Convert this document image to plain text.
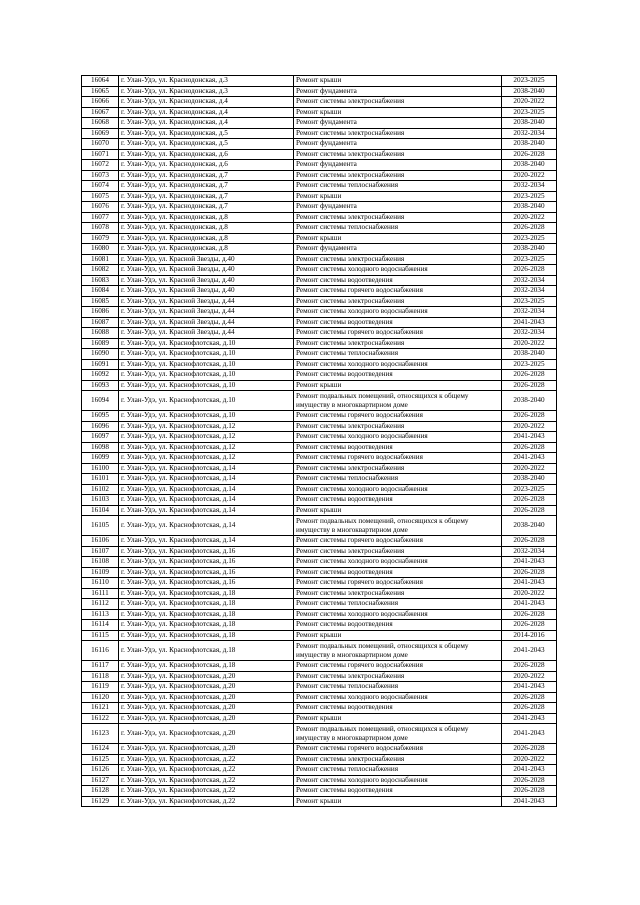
16064	г. Улан-Удэ, ул. Краснодонская, д.3	Ремонт крыши	2023-2025
16065	г. Улан-Удэ, ул. Краснодонская, д.3	Ремонт фундамента	2038-2040
16066	г. Улан-Удэ, ул. Краснодонская, д.4	Ремонт системы электроснабжения	2020-2022
16067	г. Улан-Удэ, ул. Краснодонская, д.4	Ремонт крыши	2023-2025
16068	г. Улан-Удэ, ул. Краснодонская, д.4	Ремонт фундамента	2038-2040
16069	г. Улан-Удэ, ул. Краснодонская, д.5	Ремонт системы электроснабжения	2032-2034
16070	г. Улан-Удэ, ул. Краснодонская, д.5	Ремонт фундамента	2038-2040
16071	г. Улан-Удэ, ул. Краснодонская, д.6	Ремонт системы электроснабжения	2026-2028
16072	г. Улан-Удэ, ул. Краснодонская, д.6	Ремонт фундамента	2038-2040
16073	г. Улан-Удэ, ул. Краснодонская, д.7	Ремонт системы электроснабжения	2020-2022
16074	г. Улан-Удэ, ул. Краснодонская, д.7	Ремонт системы теплоснабжения	2032-2034
16075	г. Улан-Удэ, ул. Краснодонская, д.7	Ремонт крыши	2023-2025
16076	г. Улан-Удэ, ул. Краснодонская, д.7	Ремонт фундамента	2038-2040
16077	г. Улан-Удэ, ул. Краснодонская, д.8	Ремонт системы электроснабжения	2020-2022
16078	г. Улан-Удэ, ул. Краснодонская, д.8	Ремонт системы теплоснабжения	2026-2028
16079	г. Улан-Удэ, ул. Краснодонская, д.8	Ремонт крыши	2023-2025
16080	г. Улан-Удэ, ул. Краснодонская, д.8	Ремонт фундамента	2038-2040
16081	г. Улан-Удэ, ул. Красной Звезды, д.40	Ремонт системы электроснабжения	2023-2025
16082	г. Улан-Удэ, ул. Красной Звезды, д.40	Ремонт системы холодного водоснабжения	2026-2028
16083	г. Улан-Удэ, ул. Красной Звезды, д.40	Ремонт системы водоотведения	2032-2034
16084	г. Улан-Удэ, ул. Красной Звезды, д.40	Ремонт системы горячего водоснабжения	2032-2034
16085	г. Улан-Удэ, ул. Красной Звезды, д.44	Ремонт системы электроснабжения	2023-2025
16086	г. Улан-Удэ, ул. Красной Звезды, д.44	Ремонт системы холодного водоснабжения	2032-2034
16087	г. Улан-Удэ, ул. Красной Звезды, д.44	Ремонт системы водоотведения	2041-2043
16088	г. Улан-Удэ, ул. Красной Звезды, д.44	Ремонт системы горячего водоснабжения	2032-2034
16089	г. Улан-Удэ, ул. Краснофлотская, д.10	Ремонт системы электроснабжения	2020-2022
16090	г. Улан-Удэ, ул. Краснофлотская, д.10	Ремонт системы теплоснабжения	2038-2040
16091	г. Улан-Удэ, ул. Краснофлотская, д.10	Ремонт системы холодного водоснабжения	2023-2025
16092	г. Улан-Удэ, ул. Краснофлотская, д.10	Ремонт системы водоотведения	2026-2028
16093	г. Улан-Удэ, ул. Краснофлотская, д.10	Ремонт крыши	2026-2028
16094	г. Улан-Удэ, ул. Краснофлотская, д.10	Ремонт подвальных помещений, относящихся к общему имуществу в многоквартирном доме	2038-2040
16095	г. Улан-Удэ, ул. Краснофлотская, д.10	Ремонт системы горячего водоснабжения	2026-2028
16096	г. Улан-Удэ, ул. Краснофлотская, д.12	Ремонт системы электроснабжения	2020-2022
16097	г. Улан-Удэ, ул. Краснофлотская, д.12	Ремонт системы холодного водоснабжения	2041-2043
16098	г. Улан-Удэ, ул. Краснофлотская, д.12	Ремонт системы водоотведения	2026-2028
16099	г. Улан-Удэ, ул. Краснофлотская, д.12	Ремонт системы горячего водоснабжения	2041-2043
16100	г. Улан-Удэ, ул. Краснофлотская, д.14	Ремонт системы электроснабжения	2020-2022
16101	г. Улан-Удэ, ул. Краснофлотская, д.14	Ремонт системы теплоснабжения	2038-2040
16102	г. Улан-Удэ, ул. Краснофлотская, д.14	Ремонт системы холодного водоснабжения	2023-2025
16103	г. Улан-Удэ, ул. Краснофлотская, д.14	Ремонт системы водоотведения	2026-2028
16104	г. Улан-Удэ, ул. Краснофлотская, д.14	Ремонт крыши	2026-2028
16105	г. Улан-Удэ, ул. Краснофлотская, д.14	Ремонт подвальных помещений, относящихся к общему имуществу в многоквартирном доме	2038-2040
16106	г. Улан-Удэ, ул. Краснофлотская, д.14	Ремонт системы горячего водоснабжения	2026-2028
16107	г. Улан-Удэ, ул. Краснофлотская, д.16	Ремонт системы электроснабжения	2032-2034
16108	г. Улан-Удэ, ул. Краснофлотская, д.16	Ремонт системы холодного водоснабжения	2041-2043
16109	г. Улан-Удэ, ул. Краснофлотская, д.16	Ремонт системы водоотведения	2026-2028
16110	г. Улан-Удэ, ул. Краснофлотская, д.16	Ремонт системы горячего водоснабжения	2041-2043
16111	г. Улан-Удэ, ул. Краснофлотская, д.18	Ремонт системы электроснабжения	2020-2022
16112	г. Улан-Удэ, ул. Краснофлотская, д.18	Ремонт системы теплоснабжения	2041-2043
16113	г. Улан-Удэ, ул. Краснофлотская, д.18	Ремонт системы холодного водоснабжения	2026-2028
16114	г. Улан-Удэ, ул. Краснофлотская, д.18	Ремонт системы водоотведения	2026-2028
16115	г. Улан-Удэ, ул. Краснофлотская, д.18	Ремонт крыши	2014-2016
16116	г. Улан-Удэ, ул. Краснофлотская, д.18	Ремонт подвальных помещений, относящихся к общему имуществу в многоквартирном доме	2041-2043
16117	г. Улан-Удэ, ул. Краснофлотская, д.18	Ремонт системы горячего водоснабжения	2026-2028
16118	г. Улан-Удэ, ул. Краснофлотская, д.20	Ремонт системы электроснабжения	2020-2022
16119	г. Улан-Удэ, ул. Краснофлотская, д.20	Ремонт системы теплоснабжения	2041-2043
16120	г. Улан-Удэ, ул. Краснофлотская, д.20	Ремонт системы холодного водоснабжения	2026-2028
16121	г. Улан-Удэ, ул. Краснофлотская, д.20	Ремонт системы водоотведения	2026-2028
16122	г. Улан-Удэ, ул. Краснофлотская, д.20	Ремонт крыши	2041-2043
16123	г. Улан-Удэ, ул. Краснофлотская, д.20	Ремонт подвальных помещений, относящихся к общему имуществу в многоквартирном доме	2041-2043
16124	г. Улан-Удэ, ул. Краснофлотская, д.20	Ремонт системы горячего водоснабжения	2026-2028
16125	г. Улан-Удэ, ул. Краснофлотская, д.22	Ремонт системы электроснабжения	2020-2022
16126	г. Улан-Удэ, ул. Краснофлотская, д.22	Ремонт системы теплоснабжения	2041-2043
16127	г. Улан-Удэ, ул. Краснофлотская, д.22	Ремонт системы холодного водоснабжения	2026-2028
16128	г. Улан-Удэ, ул. Краснофлотская, д.22	Ремонт системы водоотведения	2026-2028
16129	г. Улан-Удэ, ул. Краснофлотская, д.22	Ремонт крыши	2041-2043
